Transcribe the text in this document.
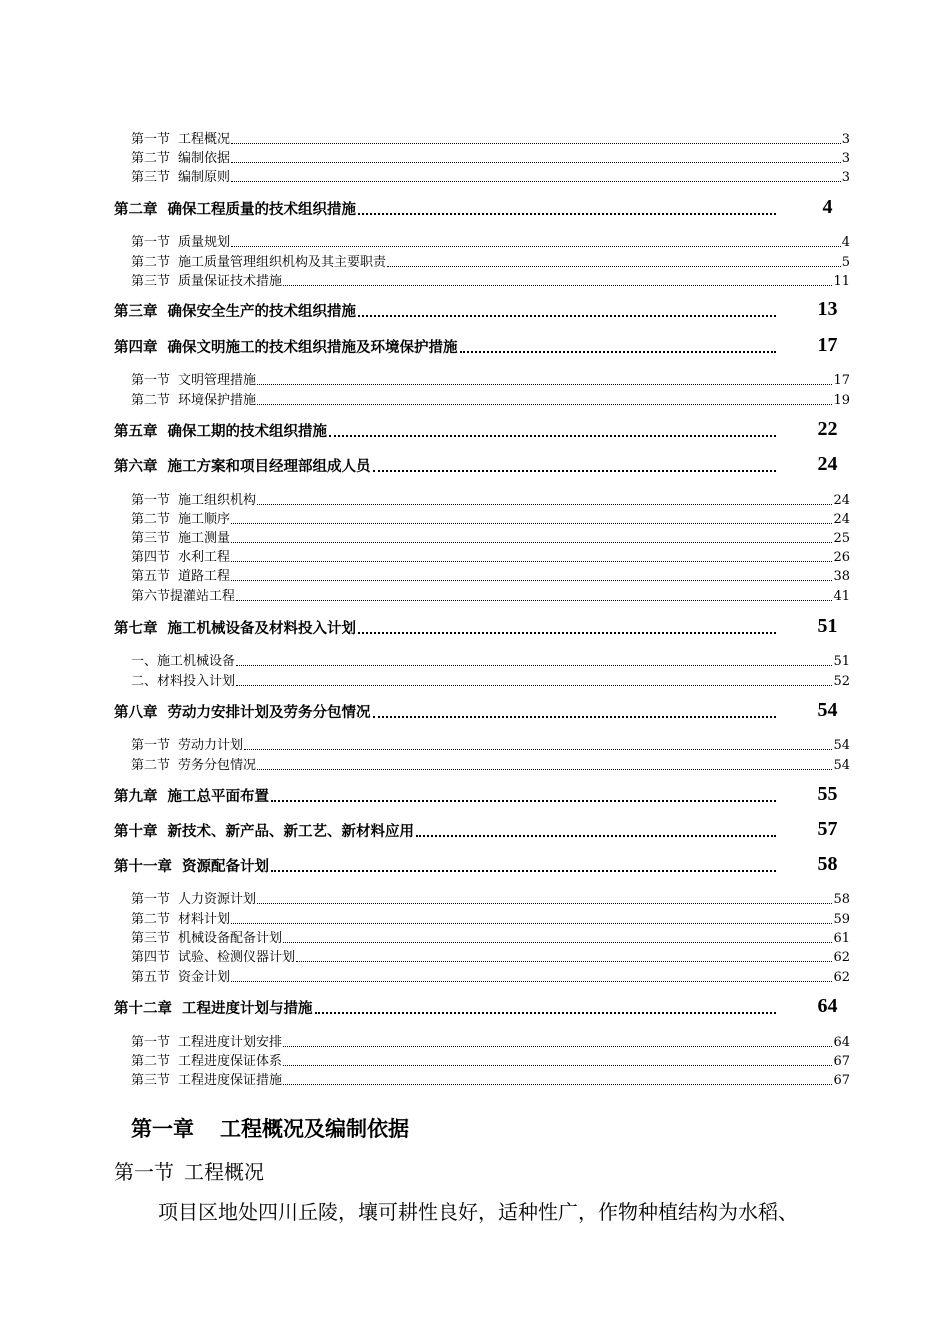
第一节 工程概况	3
第二节 编制依据	3
第三节 编制原则	3
第二章 确保工程质量的技术组织措施	4
第一节 质量规划	4
第二节 施工质量管理组织机构及其主要职责	5
第三节 质量保证技术措施	11
第三章 确保安全生产的技术组织措施	13
第四章 确保文明施工的技术组织措施及环境保护措施	17
第一节 文明管理措施	17
第二节 环境保护措施	19
第五章 确保工期的技术组织措施	22
第六章 施工方案和项目经理部组成人员	24
第一节 施工组织机构	24
第二节 施工顺序	24
第三节 施工测量	25
第四节 水利工程	26
第五节 道路工程	38
第六节提灌站工程	41
第七章 施工机械设备及材料投入计划	51
一、施工机械设备	51
二、材料投入计划	52
第八章 劳动力安排计划及劳务分包情况	54
第一节 劳动力计划	54
第二节 劳务分包情况	54
第九章 施工总平面布置	55
第十章 新技术、新产品、新工艺、新材料应用	57
第十一章 资源配备计划	58
第一节 人力资源计划	58
第二节 材料计划	59
第三节 机械设备配备计划	61
第四节 试验、检测仪器计划	62
第五节 资金计划	62
第十二章 工程进度计划与措施	64
第一节 工程进度计划安排	64
第二节 工程进度保证体系	67
第三节 工程进度保证措施	67
第一章 工程概况及编制依据
第一节 工程概况
项目区地处四川丘陵，壤可耕性良好，适种性广，作物种植结构为水稻、
